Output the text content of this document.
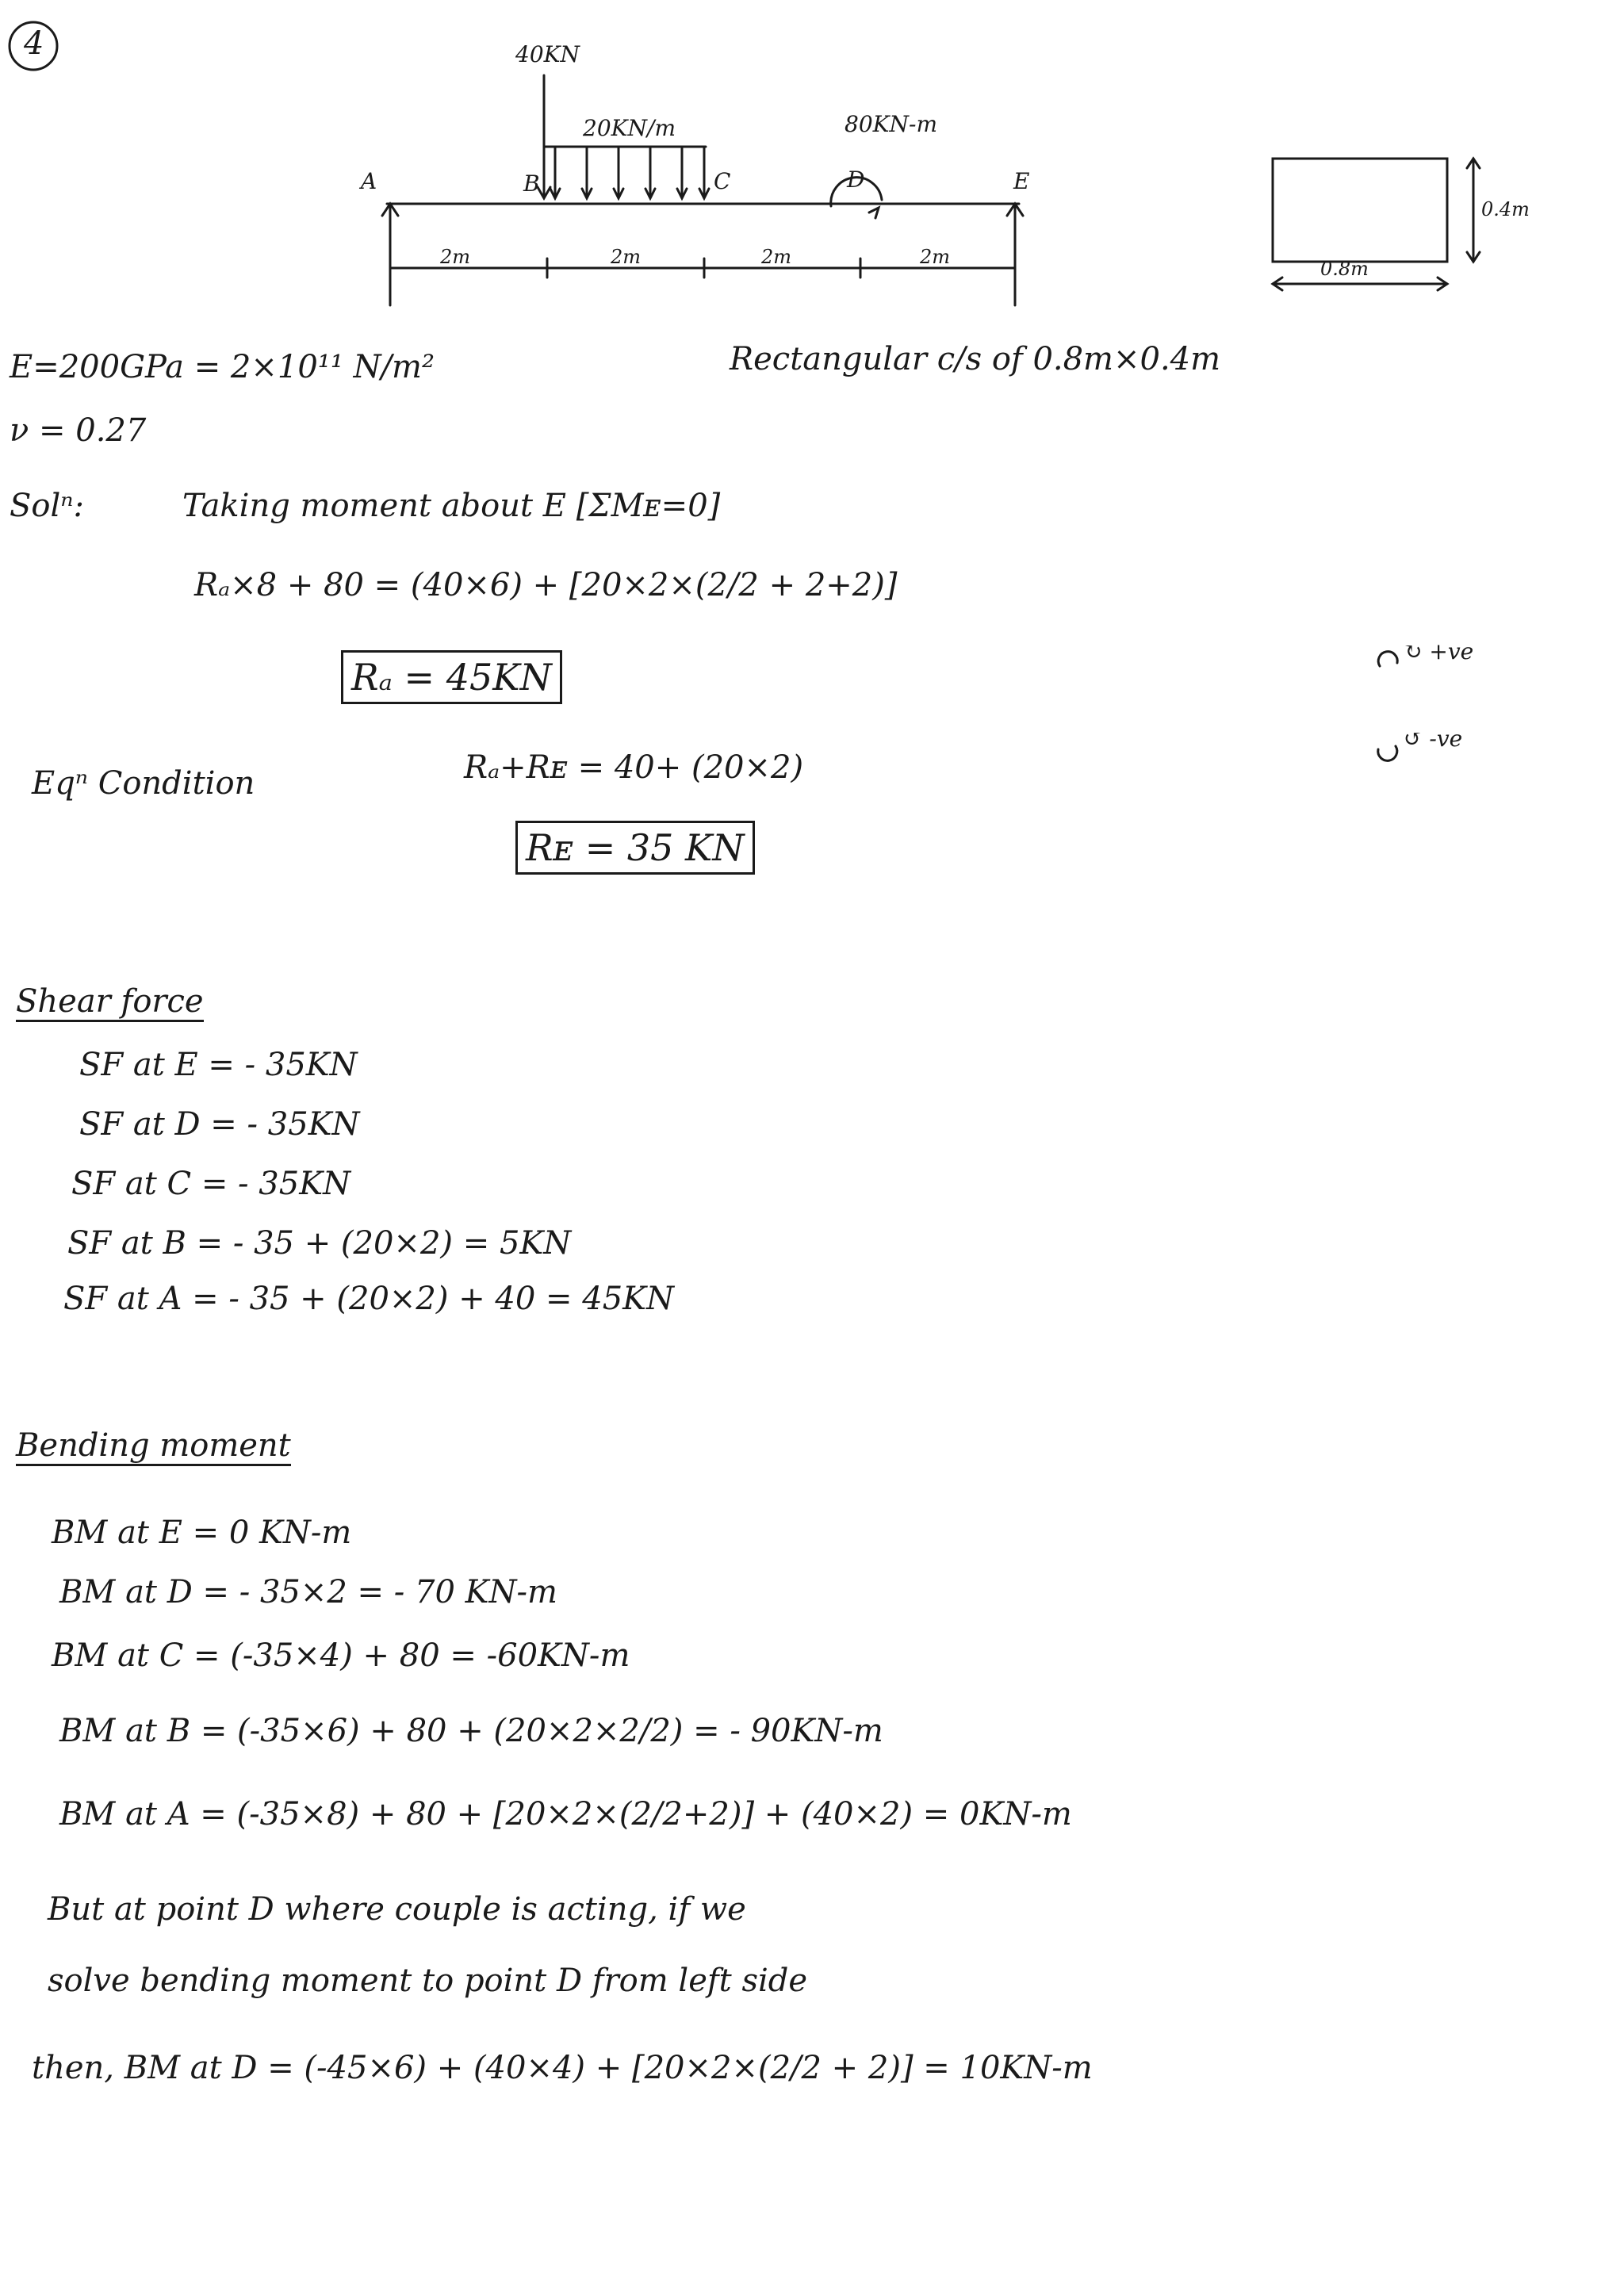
4	40KN
20KN/m	80KN-m
A	B	C	D	E
2m	2m	2m	2m
0.4m
0.8m
E=200GPa = 2×10¹¹ N/m²	Rectangular c/s of 0.8m×0.4m
ν = 0.27
Solⁿ:	Taking moment about E [ΣMᴇ=0]
Rₐ×8 + 80 = (40×6) + [20×2×(2/2 + 2+2)]
Rₐ = 45KN
↻ +ve
↺ -ve
Eqⁿ Condition	Rₐ+Rᴇ = 40+ (20×2)
Rᴇ = 35 KN
Shear force
SF at E = - 35KN
SF at D = - 35KN
SF at C = - 35KN
SF at B = - 35 + (20×2) = 5KN
SF at A = - 35 + (20×2) + 40 = 45KN
Bending moment
BM at E = 0 KN-m
BM at D = - 35×2 = - 70 KN-m
BM at C = (-35×4) + 80 = -60KN-m
BM at B = (-35×6) + 80 + (20×2×2/2) = - 90KN-m
BM at A = (-35×8) + 80 + [20×2×(2/2+2)] + (40×2) = 0KN-m
But at point D where couple is acting, if we
solve bending moment to point D from left side
then, BM at D = (-45×6) + (40×4) + [20×2×(2/2 + 2)] = 10KN-m
